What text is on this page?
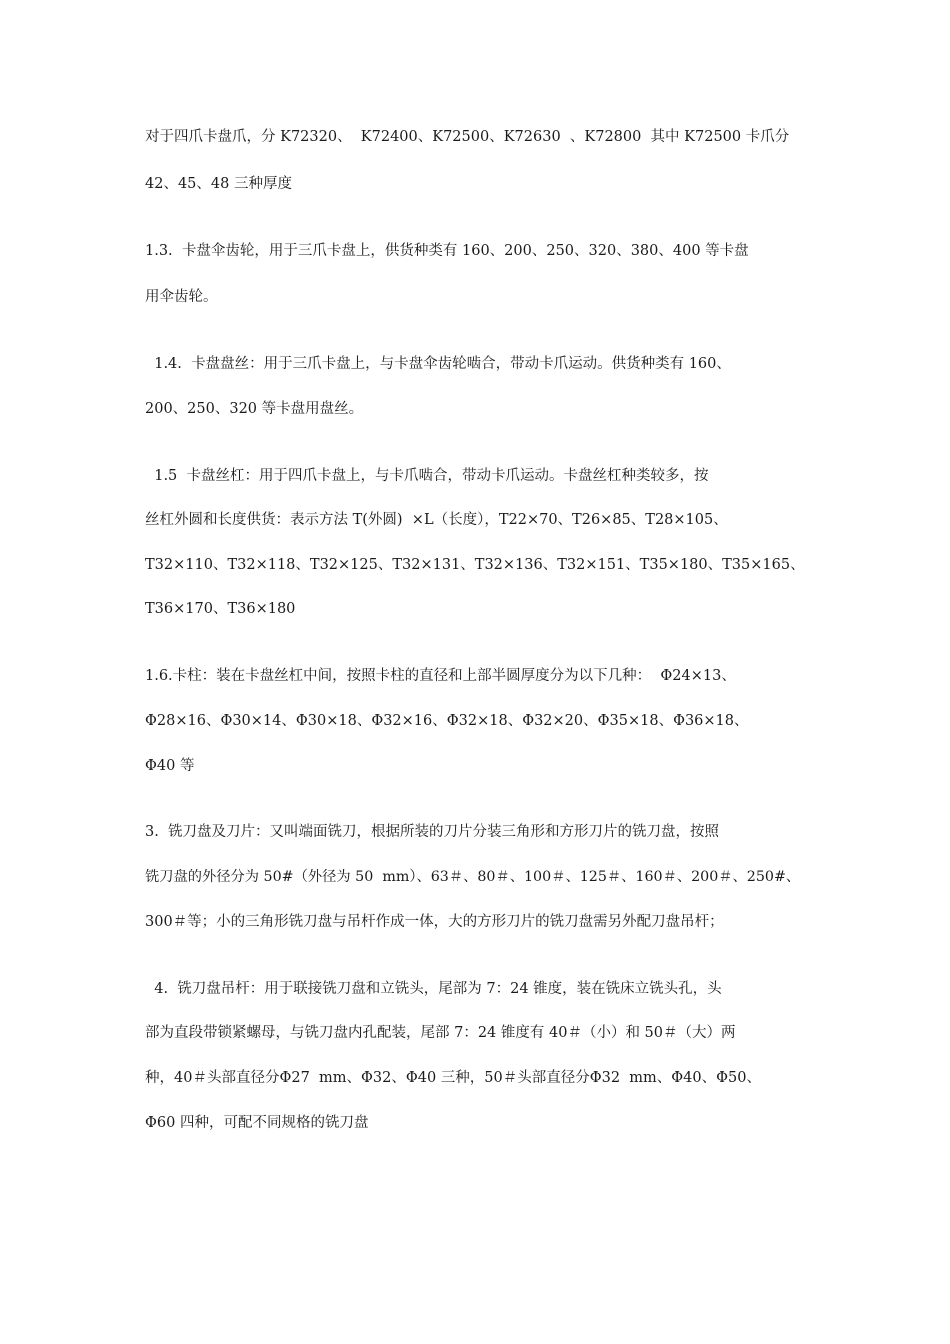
对于四爪卡盘爪，分 K72320、  K72400、K72500、K72630  、K72800  其中 K72500 卡爪分
42、45、48 三种厚度
1.3.  卡盘伞齿轮，用于三爪卡盘上，供货种类有 160、200、250、320、380、400 等卡盘
用伞齿轮。
1.4.  卡盘盘丝：用于三爪卡盘上，与卡盘伞齿轮啮合，带动卡爪运动。供货种类有 160、
200、250、320 等卡盘用盘丝。
1.5  卡盘丝杠：用于四爪卡盘上，与卡爪啮合，带动卡爪运动。卡盘丝杠种类较多，按
丝杠外圆和长度供货：表示方法 T(外圆)  ×L（长度），T22×70、T26×85、T28×105、
T32×110、T32×118、T32×125、T32×131、T32×136、T32×151、T35×180、T35×165、
T36×170、T36×180
1.6.卡柱：装在卡盘丝杠中间，按照卡柱的直径和上部半圆厚度分为以下几种：  Φ24×13、
Φ28×16、Φ30×14、Φ30×18、Φ32×16、Φ32×18、Φ32×20、Φ35×18、Φ36×18、
Φ40 等
3.  铣刀盘及刀片：又叫端面铣刀，根据所装的刀片分装三角形和方形刀片的铣刀盘，按照
铣刀盘的外径分为 50#（外径为 50  mm）、63＃、80＃、100＃、125＃、160＃、200＃、250#、
300＃等；小的三角形铣刀盘与吊杆作成一体，大的方形刀片的铣刀盘需另外配刀盘吊杆；
4.  铣刀盘吊杆：用于联接铣刀盘和立铣头，尾部为 7：24 锥度，装在铣床立铣头孔，头
部为直段带锁紧螺母，与铣刀盘内孔配装，尾部 7：24 锥度有 40＃（小）和 50＃（大）两
种，40＃头部直径分Φ27  mm、Φ32、Φ40 三种，50＃头部直径分Φ32  mm、Φ40、Φ50、
Φ60 四种，可配不同规格的铣刀盘
